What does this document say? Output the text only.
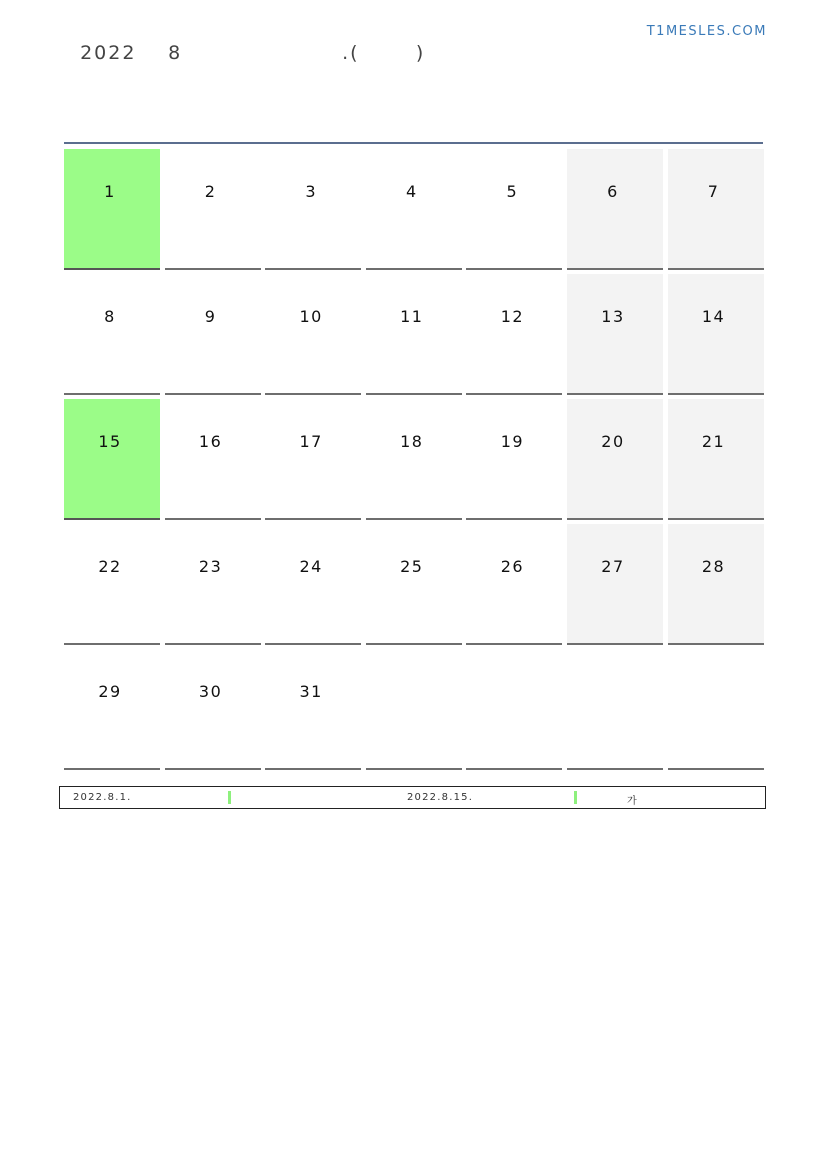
2022 8	.(       )

T1MESLES.COM
1	2	3	4	5	6	7
8	9	10	11	12	13	14
15	16	17	18	19	20	21
22	23	24	25	26	27	28
29	30	31
2022.8.1.	2022.8.15.	가
